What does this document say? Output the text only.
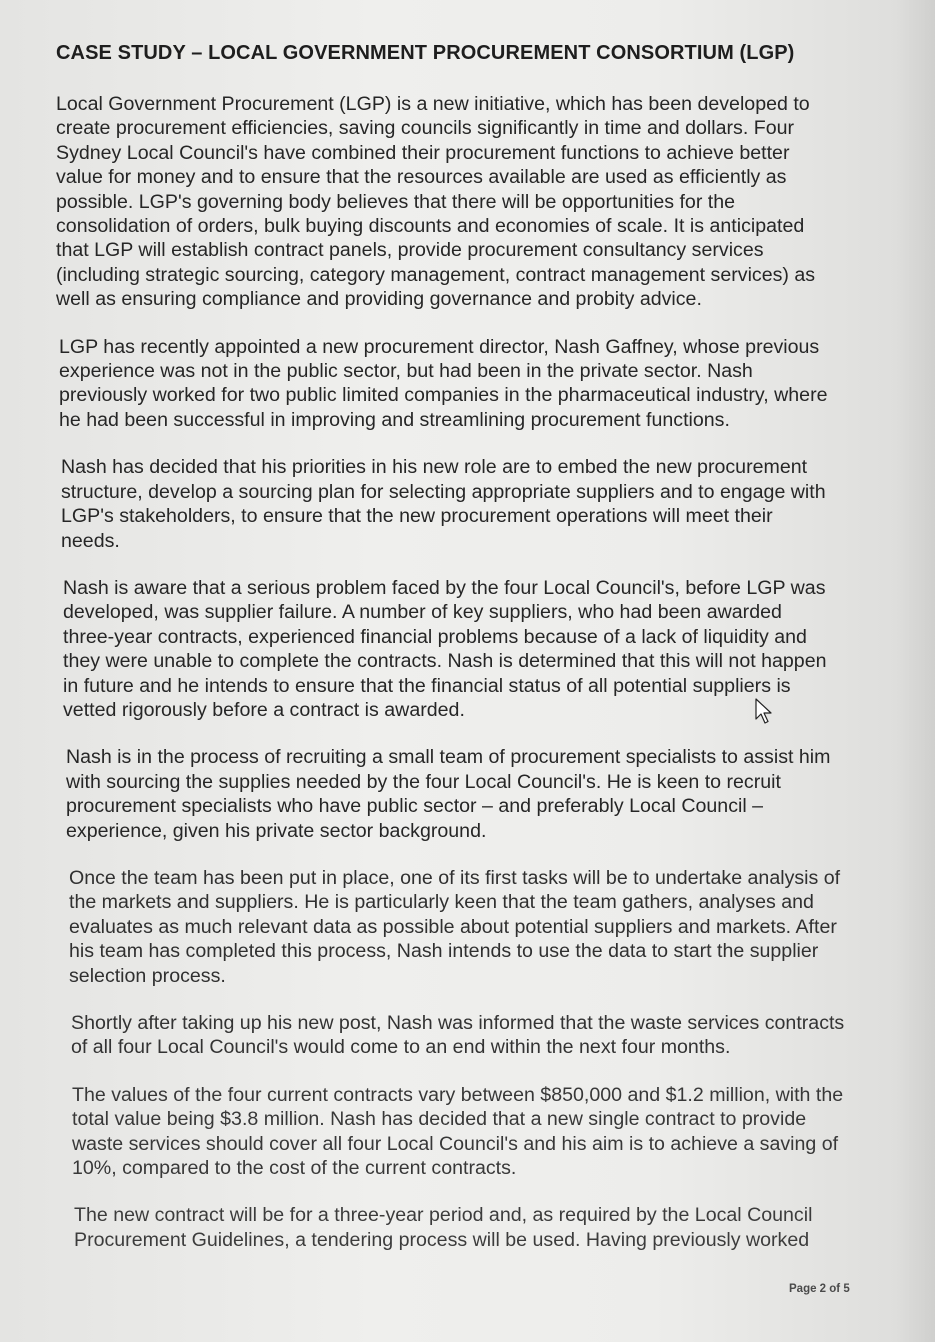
CASE STUDY – LOCAL GOVERNMENT PROCUREMENT CONSORTIUM (LGP)
Local Government Procurement (LGP) is a new initiative, which has been developed to
create procurement efficiencies, saving councils significantly in time and dollars. Four
Sydney Local Council's have combined their procurement functions to achieve better
value for money and to ensure that the resources available are used as efficiently as
possible. LGP's governing body believes that there will be opportunities for the
consolidation of orders, bulk buying discounts and economies of scale. It is anticipated
that LGP will establish contract panels, provide procurement consultancy services
(including strategic sourcing, category management, contract management services) as
well as ensuring compliance and providing governance and probity advice.
LGP has recently appointed a new procurement director, Nash Gaffney, whose previous
experience was not in the public sector, but had been in the private sector. Nash
previously worked for two public limited companies in the pharmaceutical industry, where
he had been successful in improving and streamlining procurement functions.
Nash has decided that his priorities in his new role are to embed the new procurement
structure, develop a sourcing plan for selecting appropriate suppliers and to engage with
LGP's stakeholders, to ensure that the new procurement operations will meet their
needs.
Nash is aware that a serious problem faced by the four Local Council's, before LGP was
developed, was supplier failure. A number of key suppliers, who had been awarded
three-year contracts, experienced financial problems because of a lack of liquidity and
they were unable to complete the contracts. Nash is determined that this will not happen
in future and he intends to ensure that the financial status of all potential suppliers is
vetted rigorously before a contract is awarded.
Nash is in the process of recruiting a small team of procurement specialists to assist him
with sourcing the supplies needed by the four Local Council's. He is keen to recruit
procurement specialists who have public sector – and preferably Local Council –
experience, given his private sector background.
Once the team has been put in place, one of its first tasks will be to undertake analysis of
the markets and suppliers. He is particularly keen that the team gathers, analyses and
evaluates as much relevant data as possible about potential suppliers and markets. After
his team has completed this process, Nash intends to use the data to start the supplier
selection process.
Shortly after taking up his new post, Nash was informed that the waste services contracts
of all four Local Council's would come to an end within the next four months.
The values of the four current contracts vary between $850,000 and $1.2 million, with the
total value being $3.8 million. Nash has decided that a new single contract to provide
waste services should cover all four Local Council's and his aim is to achieve a saving of
10%, compared to the cost of the current contracts.
The new contract will be for a three-year period and, as required by the Local Council
Procurement Guidelines, a tendering process will be used. Having previously worked
Page 2 of 5
